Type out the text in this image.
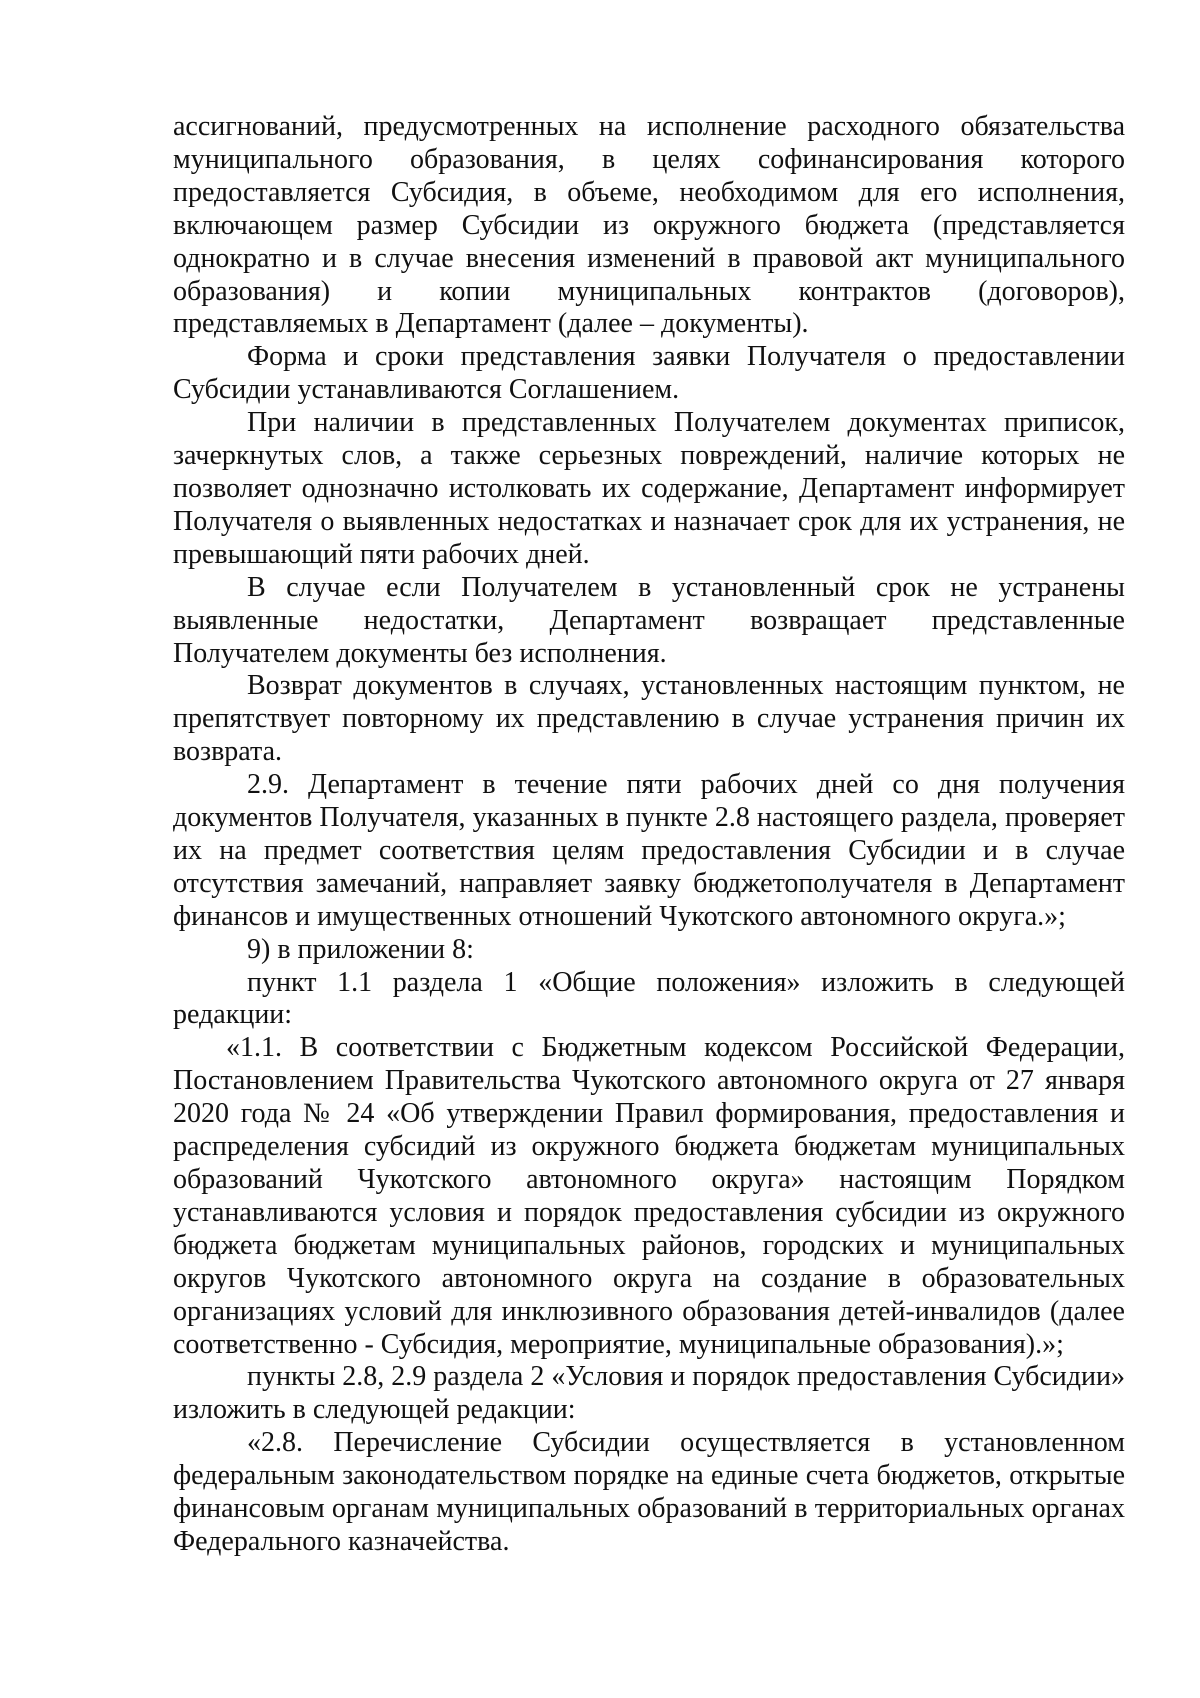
ассигнований, предусмотренных на исполнение расходного обязательства муниципального образования, в целях софинансирования которого предоставляется Субсидия, в объеме, необходимом для его исполнения, включающем размер Субсидии из окружного бюджета (представляется однократно и в случае внесения изменений в правовой акт муниципального образования) и копии муниципальных контрактов (договоров), представляемых в Департамент (далее – документы).

Форма и сроки представления заявки Получателя о предоставлении Субсидии устанавливаются Соглашением.

При наличии в представленных Получателем документах приписок, зачеркнутых слов, а также серьезных повреждений, наличие которых не позволяет однозначно истолковать их содержание, Департамент информирует Получателя о выявленных недостатках и назначает срок для их устранения, не превышающий пяти рабочих дней.

В случае если Получателем в установленный срок не устранены выявленные недостатки, Департамент возвращает представленные Получателем документы без исполнения.

Возврат документов в случаях, установленных настоящим пунктом, не препятствует повторному их представлению в случае устранения причин их возврата.

2.9. Департамент в течение пяти рабочих дней со дня получения документов Получателя, указанных в пункте 2.8 настоящего раздела, проверяет их на предмет соответствия целям предоставления Субсидии и в случае отсутствия замечаний, направляет заявку бюджетополучателя в Департамент финансов и имущественных отношений Чукотского автономного округа.»;

9) в приложении 8:

пункт 1.1 раздела 1 «Общие положения» изложить в следующей редакции:

«1.1. В соответствии с Бюджетным кодексом Российской Федерации, Постановлением Правительства Чукотского автономного округа от 27 января 2020 года № 24 «Об утверждении Правил формирования, предоставления и распределения субсидий из окружного бюджета бюджетам муниципальных образований Чукотского автономного округа» настоящим Порядком устанавливаются условия и порядок предоставления субсидии из окружного бюджета бюджетам муниципальных районов, городских и муниципальных округов Чукотского автономного округа на создание в образовательных организациях условий для инклюзивного образования детей-инвалидов (далее соответственно - Субсидия, мероприятие, муниципальные образования).»;

пункты 2.8, 2.9 раздела 2 «Условия и порядок предоставления Субсидии» изложить в следующей редакции:

«2.8. Перечисление Субсидии осуществляется в установленном федеральным законодательством порядке на единые счета бюджетов, открытые финансовым органам муниципальных образований в территориальных органах Федерального казначейства.
